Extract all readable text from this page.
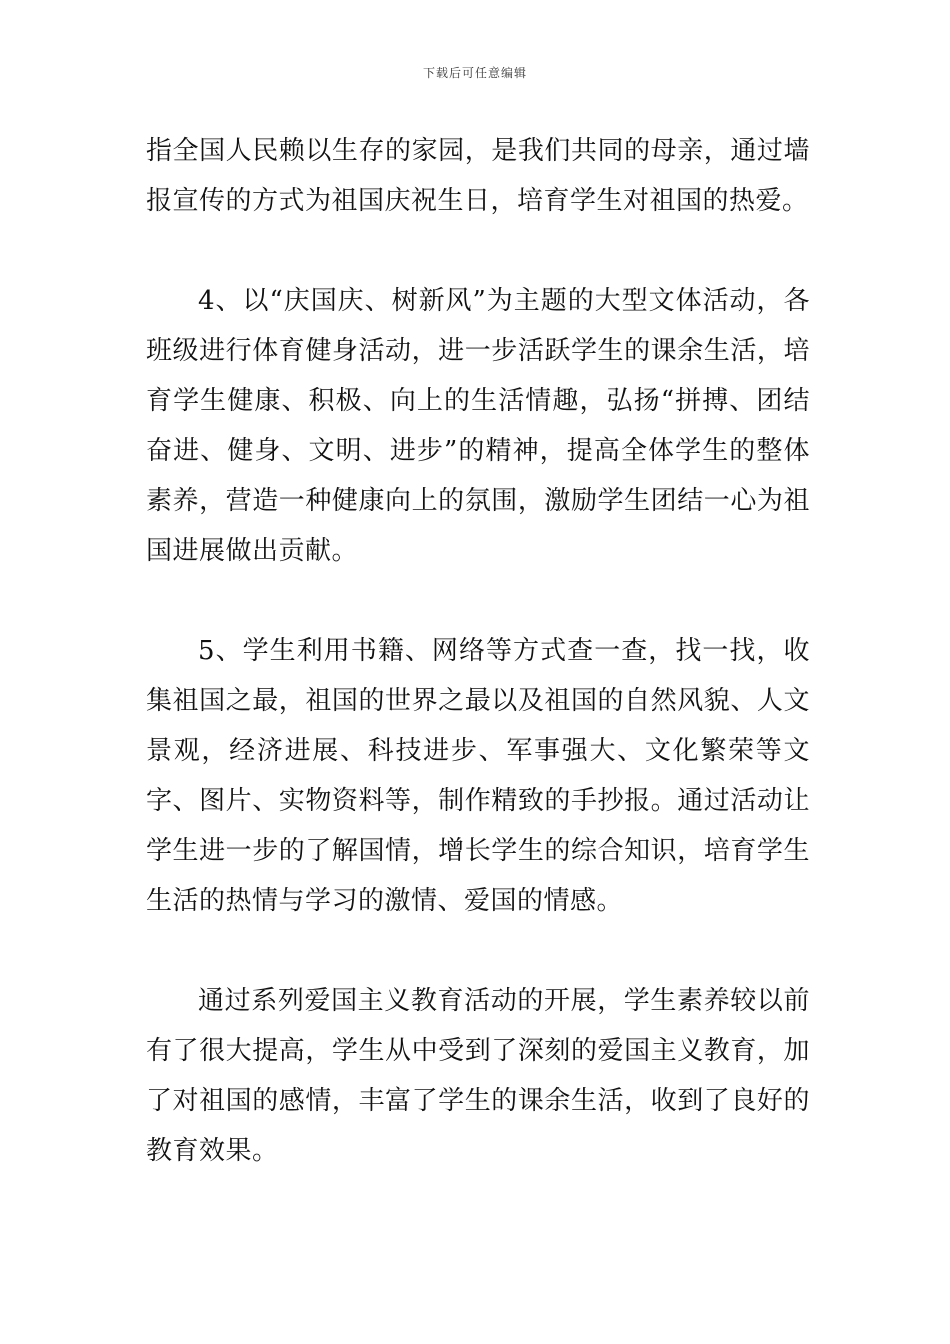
下载后可任意编辑

指全国人民赖以生存的家园，是我们共同的母亲，通过墙报宣传的方式为祖国庆祝生日，培育学生对祖国的热爱。

4、以“庆国庆、树新风”为主题的大型文体活动，各班级进行体育健身活动，进一步活跃学生的课余生活，培育学生健康、积极、向上的生活情趣，弘扬“拼搏、团结奋进、健身、文明、进步”的精神，提高全体学生的整体素养，营造一种健康向上的氛围，激励学生团结一心为祖国进展做出贡献。

5、学生利用书籍、网络等方式查一查，找一找，收集祖国之最，祖国的世界之最以及祖国的自然风貌、人文景观，经济进展、科技进步、军事强大、文化繁荣等文字、图片、实物资料等，制作精致的手抄报。通过活动让学生进一步的了解国情，增长学生的综合知识，培育学生生活的热情与学习的激情、爱国的情感。

通过系列爱国主义教育活动的开展，学生素养较以前有了很大提高，学生从中受到了深刻的爱国主义教育，加了对祖国的感情，丰富了学生的课余生活，收到了良好的教育效果。
